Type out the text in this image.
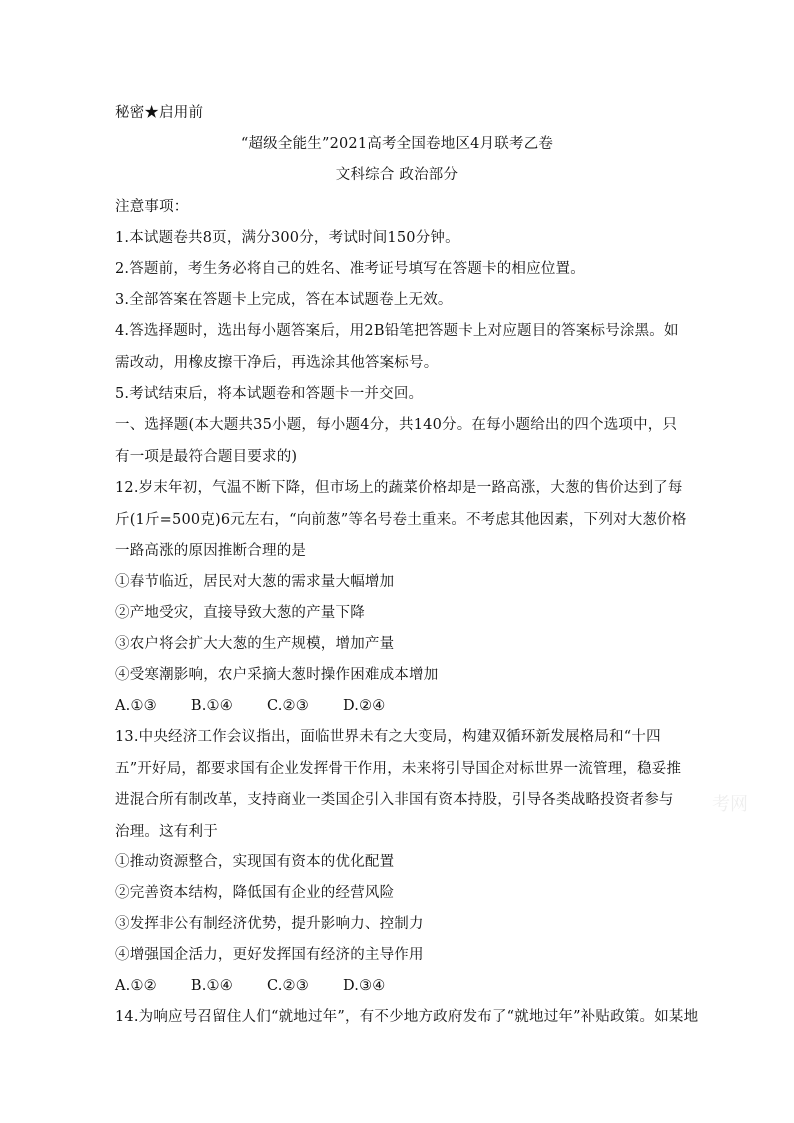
秘密★启用前
“超级全能生”2021高考全国卷地区4月联考乙卷
文科综合 政治部分
注意事项：
1.本试题卷共8页，满分300分，考试时间150分钟。
2.答题前，考生务必将自己的姓名、准考证号填写在答题卡的相应位置。
3.全部答案在答题卡上完成，答在本试题卷上无效。
4.答选择题时，选出每小题答案后，用2B铅笔把答题卡上对应题目的答案标号涂黑。如需改动，用橡皮擦干净后，再选涂其他答案标号。
5.考试结束后，将本试题卷和答题卡一并交回。
一、选择题(本大题共35小题，每小题4分，共140分。在每小题给出的四个选项中，只有一项是最符合题目要求的)
12.岁末年初，气温不断下降，但市场上的蔬菜价格却是一路高涨，大葱的售价达到了每斤(1斤=500克)6元左右，“向前葱”等名号卷土重来。不考虑其他因素，下列对大葱价格一路高涨的原因推断合理的是
①春节临近，居民对大葱的需求量大幅增加
②产地受灾，直接导致大葱的产量下降
③农户将会扩大大葱的生产规模，增加产量
④受寒潮影响，农户采摘大葱时操作困难成本增加
A.①③ B.①④ C.②③ D.②④
13.中央经济工作会议指出，面临世界未有之大变局，构建双循环新发展格局和“十四五”开好局，都要求国有企业发挥骨干作用，未来将引导国企对标世界一流管理，稳妥推进混合所有制改革，支持商业一类国企引入非国有资本持股，引导各类战略投资者参与治理。这有利于
①推动资源整合，实现国有资本的优化配置
②完善资本结构，降低国有企业的经营风险
③发挥非公有制经济优势，提升影响力、控制力
④增强国企活力，更好发挥国有经济的主导作用
A.①② B.①④ C.②③ D.③④
14.为响应号召留住人们“就地过年”，有不少地方政府发布了“就地过年”补贴政策。如某地
考网
